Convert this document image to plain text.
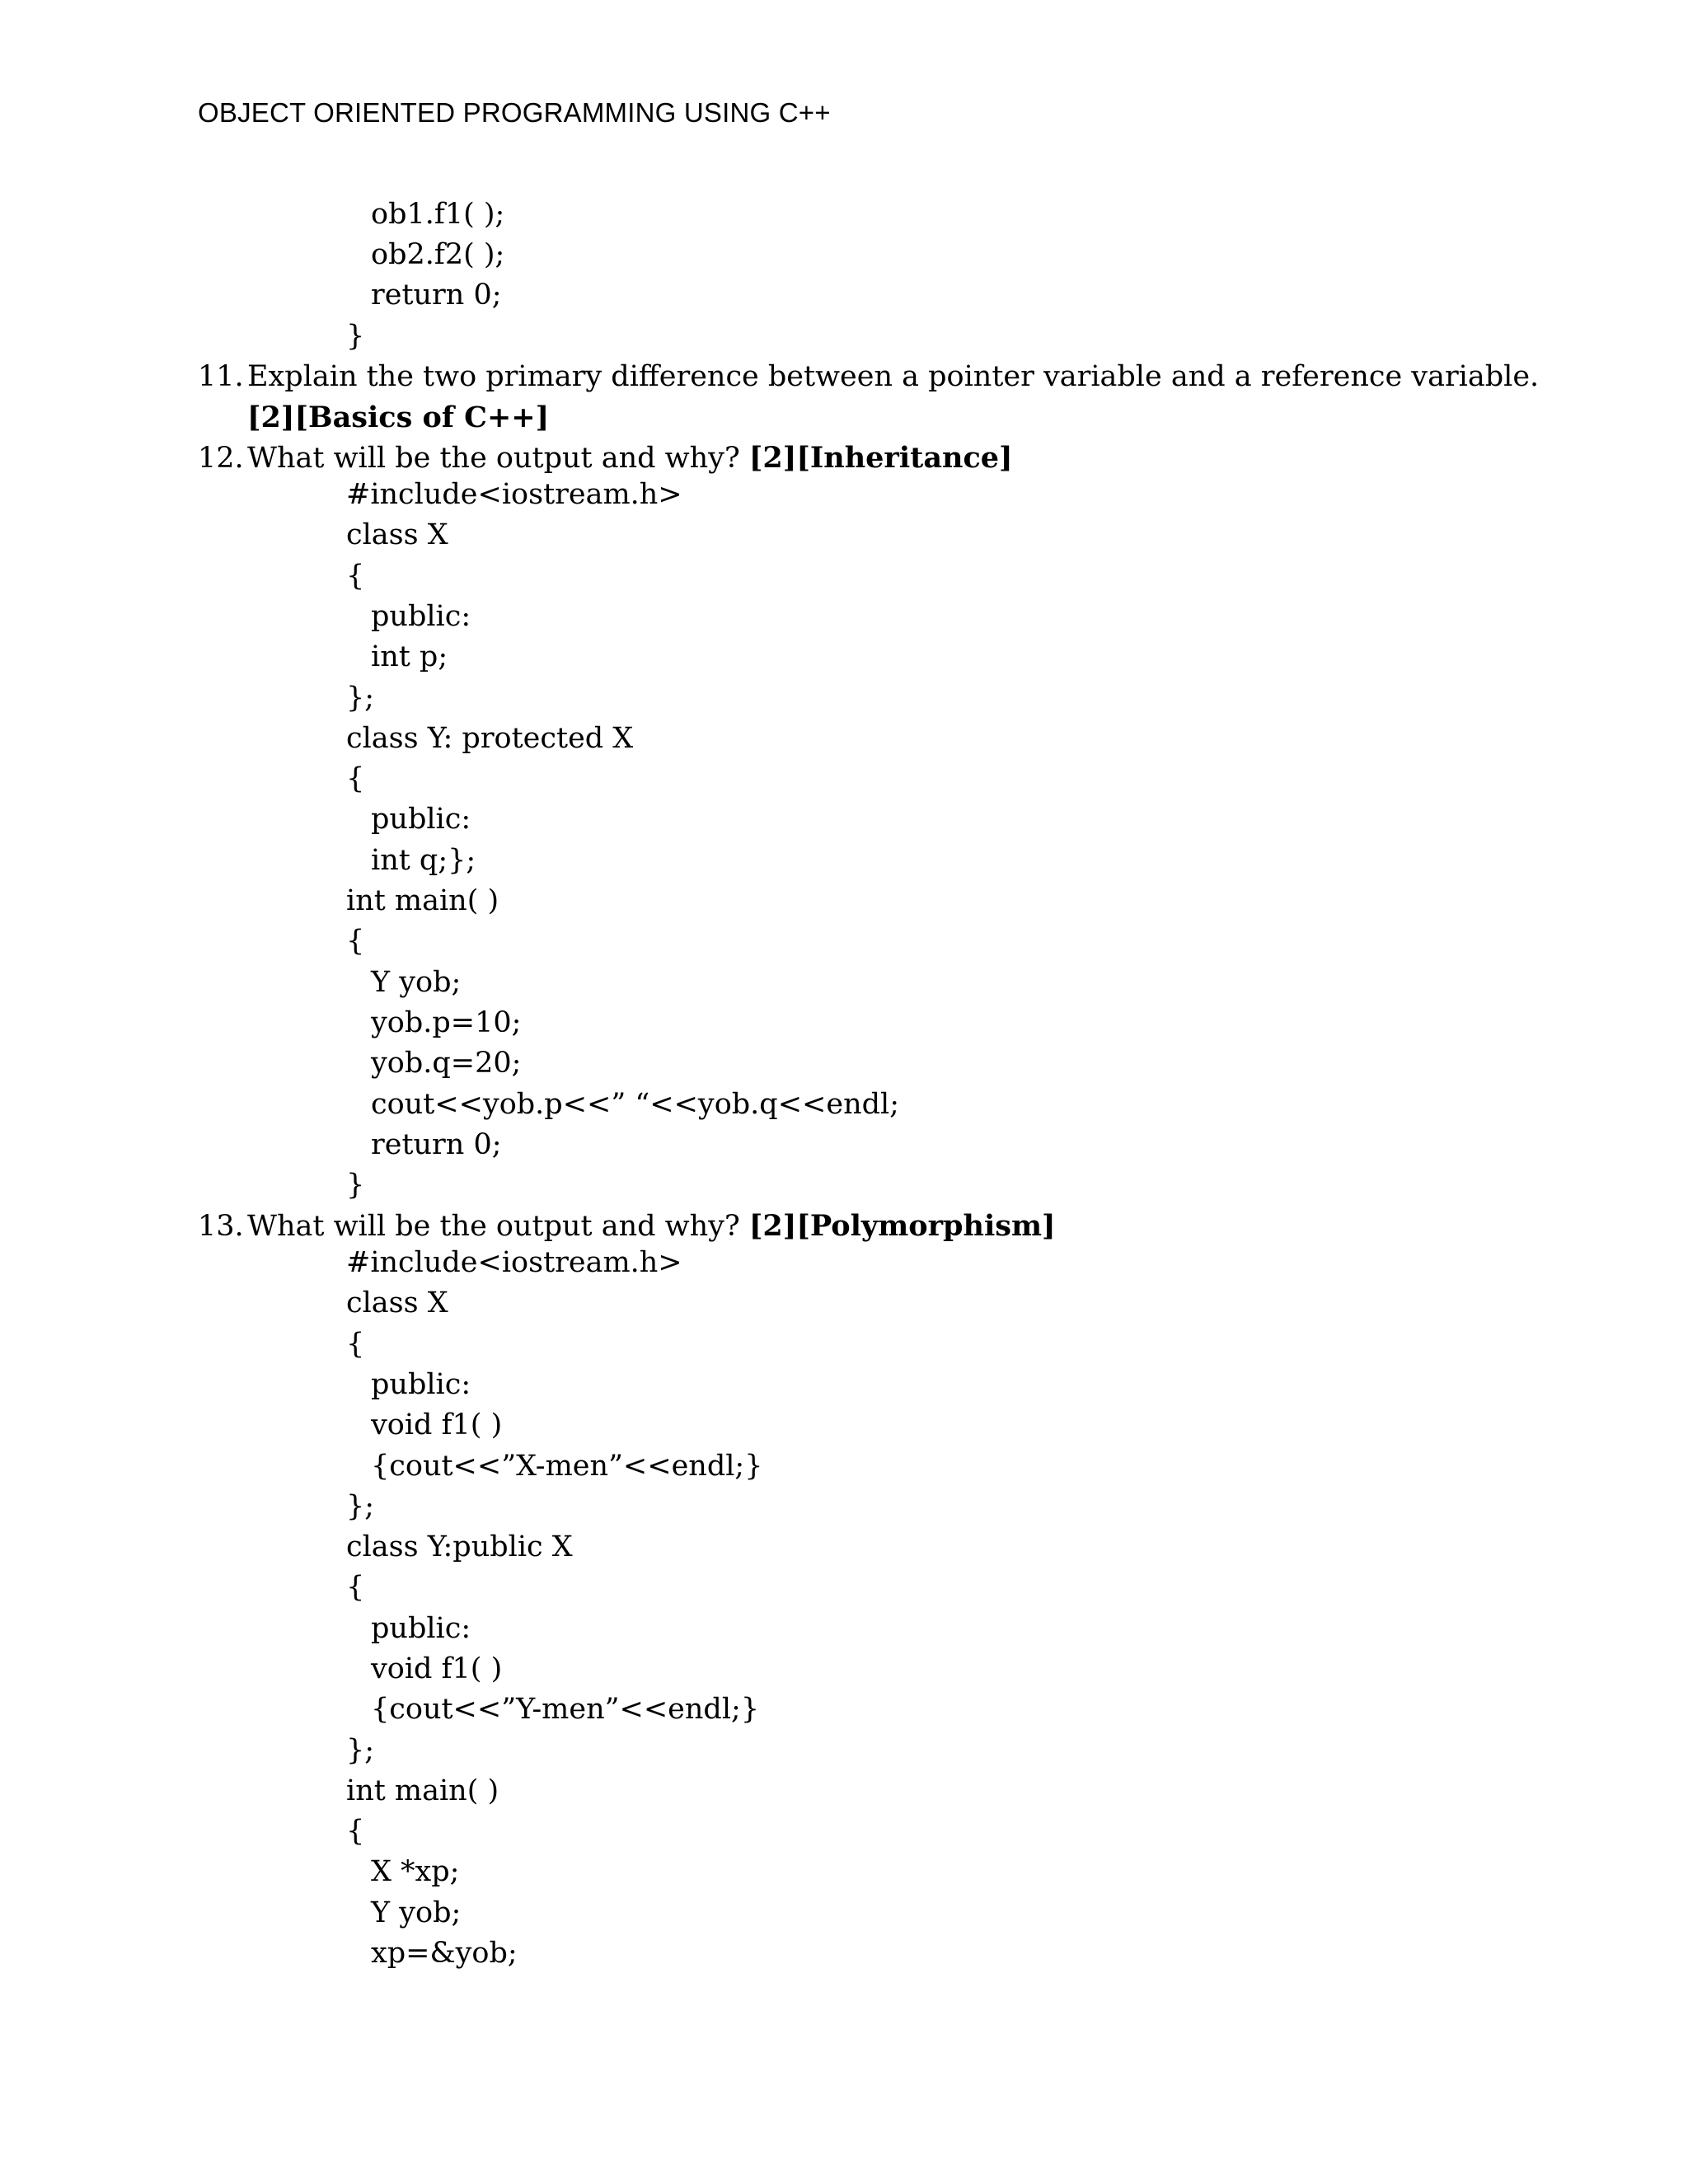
OBJECT ORIENTED PROGRAMMING USING C++
ob1.f1( );
ob2.f2( );
return 0;
}
11. Explain the two primary difference between a pointer variable and a reference variable.
[2][Basics of C++]
12. What will be the output and why? [2][Inheritance]
#include<iostream.h>
class X
{
public:
int p;
};
class Y: protected X
{
public:
int q;};
int main( )
{
Y yob;
yob.p=10;
yob.q=20;
cout<<yob.p<<” “<<yob.q<<endl;
return 0;
}
13. What will be the output and why? [2][Polymorphism]
#include<iostream.h>
class X
{
public:
void f1( )
{cout<<”X-men”<<endl;}
};
class Y:public X
{
public:
void f1( )
{cout<<”Y-men”<<endl;}
};
int main( )
{
X *xp;
Y yob;
xp=&yob;
